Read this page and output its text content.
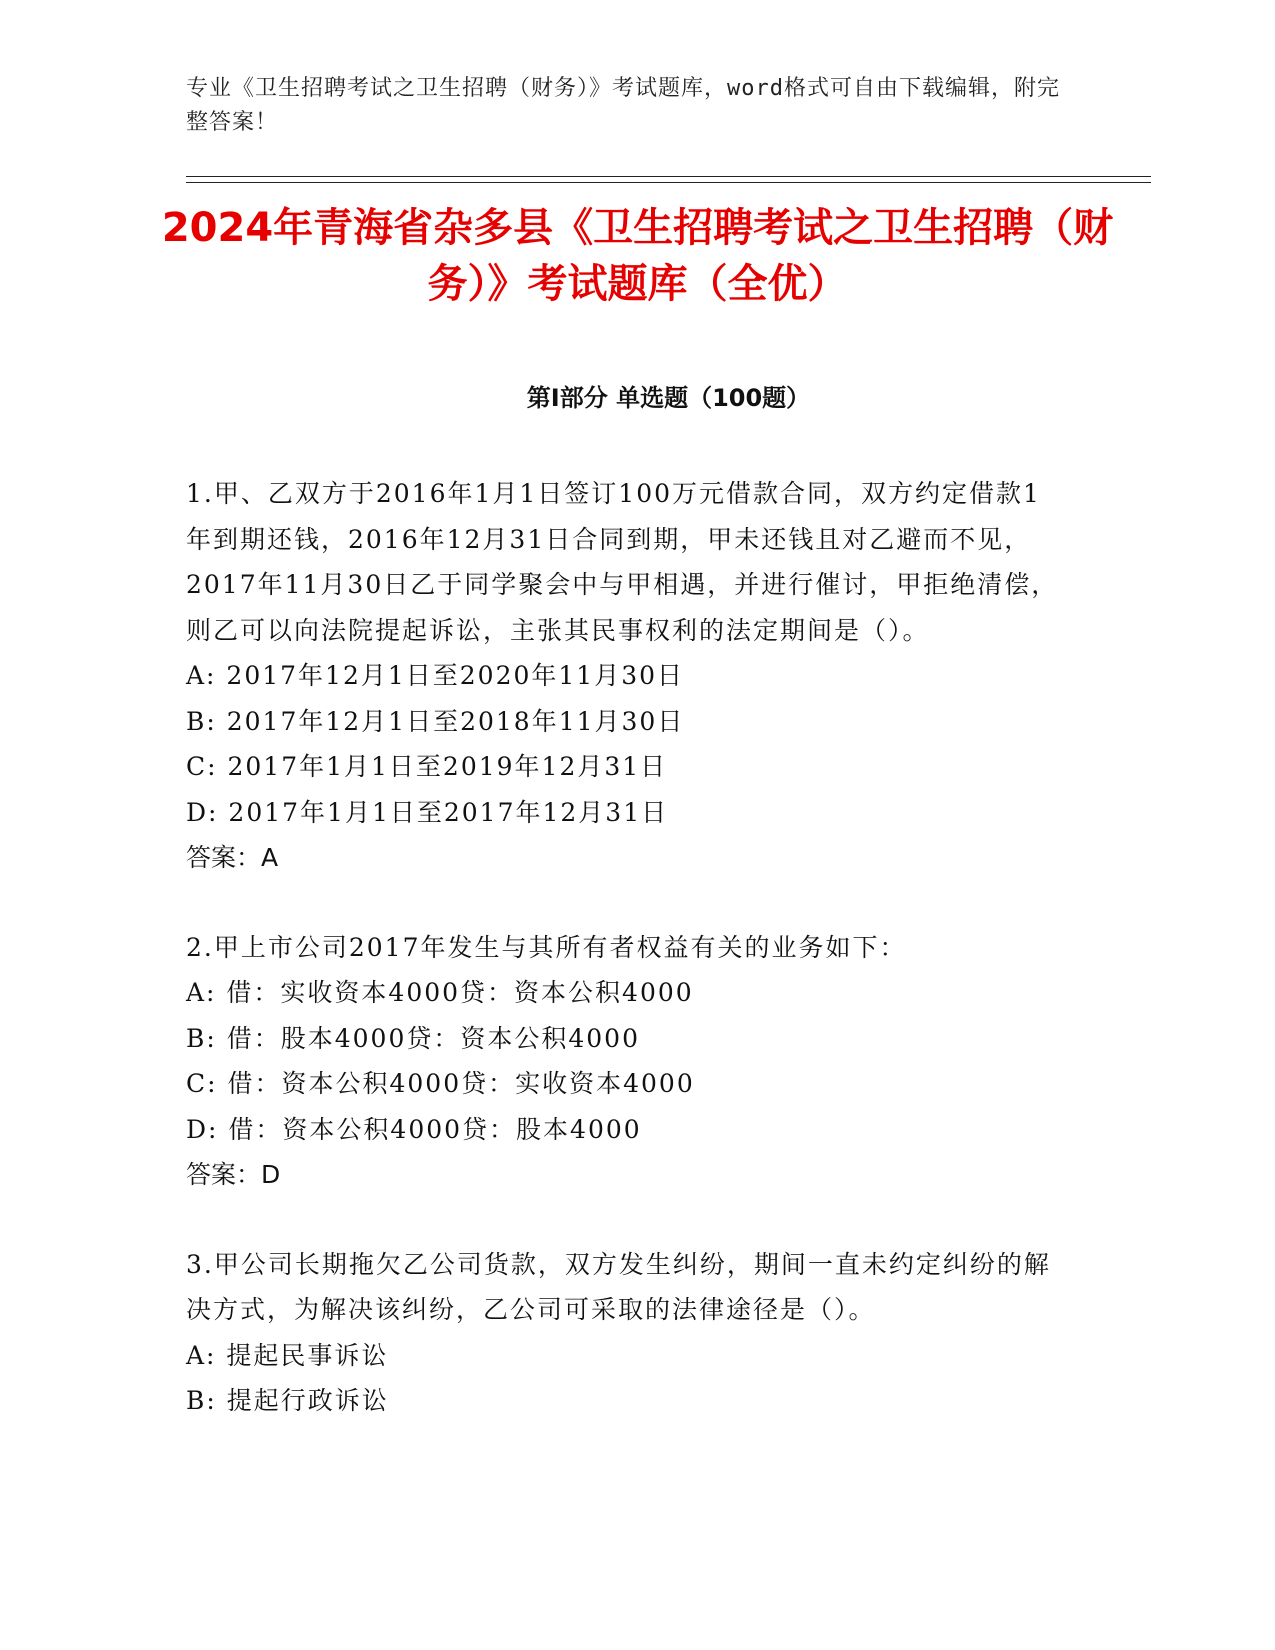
专业《卫生招聘考试之卫生招聘（财务）》考试题库，word格式可自由下载编辑，附完整答案！
2024年青海省杂多县《卫生招聘考试之卫生招聘（财务）》考试题库（全优）
第Ⅰ部分 单选题（100题）

1.甲、乙双方于2016年1月1日签订100万元借款合同，双方约定借款1年到期还钱，2016年12月31日合同到期，甲未还钱且对乙避而不见，2017年11月30日乙于同学聚会中与甲相遇，并进行催讨，甲拒绝清偿，则乙可以向法院提起诉讼，主张其民事权利的法定期间是（）。

A: 2017年12月1日至2020年11月30日

B: 2017年12月1日至2018年11月30日

C: 2017年1月1日至2019年12月31日

D: 2017年1月1日至2017年12月31日

答案：A

2.甲上市公司2017年发生与其所有者权益有关的业务如下：

A: 借：实收资本4000贷：资本公积4000

B: 借：股本4000贷：资本公积4000

C: 借：资本公积4000贷：实收资本4000

D: 借：资本公积4000贷：股本4000

答案：D

3.甲公司长期拖欠乙公司货款，双方发生纠纷，期间一直未约定纠纷的解决方式，为解决该纠纷，乙公司可采取的法律途径是（）。

A: 提起民事诉讼

B: 提起行政诉讼
